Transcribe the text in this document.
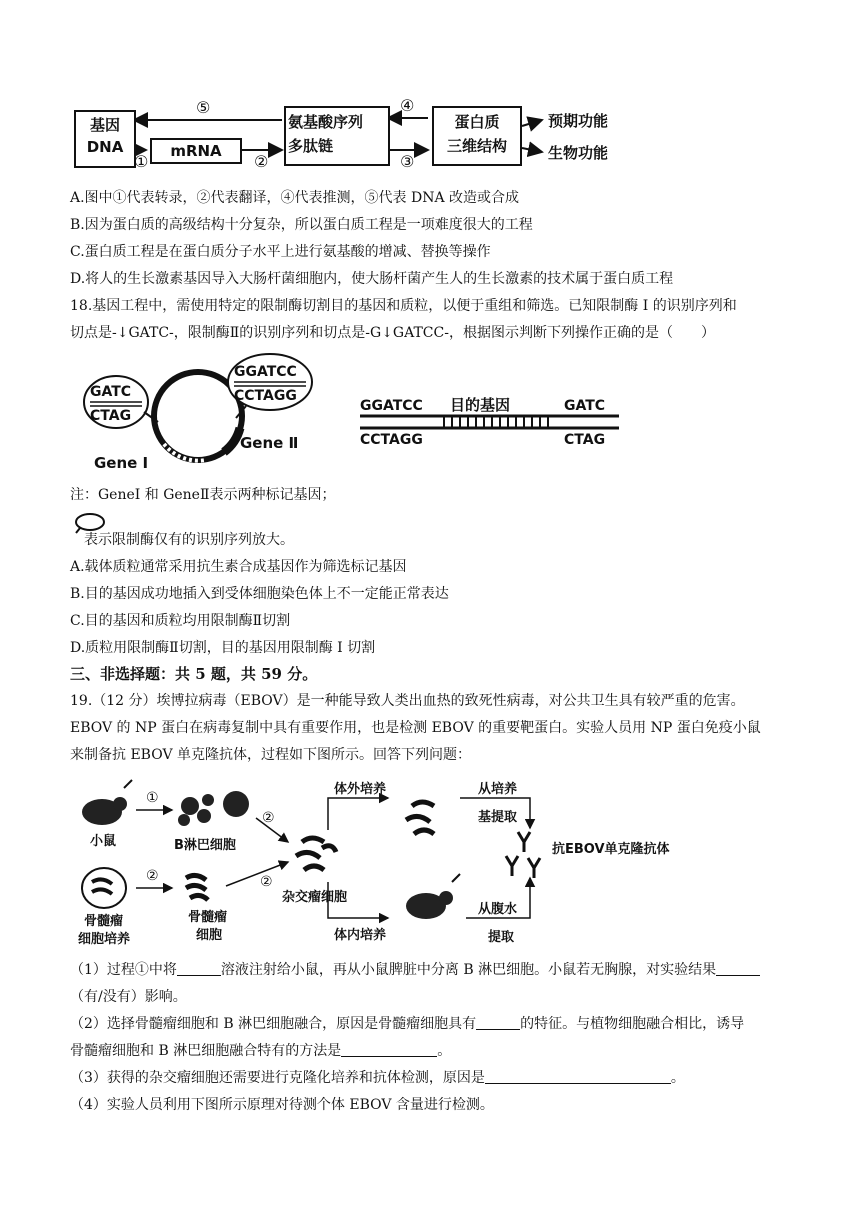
基因
DNA	mRNA
氨基酸序列
多肽链
蛋白质
三维结构
⑤
①	②
④
③
预期功能
生物功能
A.图中①代表转录，②代表翻译，④代表推测，⑤代表 DNA 改造或合成
B.因为蛋白质的高级结构十分复杂，所以蛋白质工程是一项难度很大的工程
C.蛋白质工程是在蛋白质分子水平上进行氨基酸的增减、替换等操作
D.将人的生长激素基因导入大肠杆菌细胞内，使大肠杆菌产生人的生长激素的技术属于蛋白质工程
18.基因工程中，需使用特定的限制酶切割目的基因和质粒，以便于重组和筛选。已知限制酶 I 的识别序列和
切点是-↓GATC-，限制酶Ⅱ的识别序列和切点是-G↓GATCC-，根据图示判断下列操作正确的是（　　）
GATC
CTAG
GGATCC
CCTAGG
Gene I
Gene Ⅱ
GGATCC
CCTAGG
目的基因	GATC
CTAG
注：GeneI 和 GeneⅡ表示两种标记基因；
表示限制酶仅有的识别序列放大。
A.载体质粒通常采用抗生素合成基因作为筛选标记基因
B.目的基因成功地插入到受体细胞染色体上不一定能正常表达
C.目的基因和质粒均用限制酶Ⅱ切割
D.质粒用限制酶Ⅱ切割，目的基因用限制酶 I 切割
三、非选择题：共 5 题，共 59 分。
19.（12 分）埃博拉病毒（EBOV）是一种能导致人类出血热的致死性病毒，对公共卫生具有较严重的危害。
EBOV 的 NP 蛋白在病毒复制中具有重要作用，也是检测 EBOV 的重要靶蛋白。实验人员用 NP 蛋白免疫小鼠
来制备抗 EBOV 单克隆抗体，过程如下图所示。回答下列问题：
①
②
②	②
小鼠	B淋巴细胞
骨髓瘤
细胞培养
骨髓瘤
细胞
杂交瘤细胞
体外培养
体内培养
从培养
基提取
从腹水
提取
抗EBOV单克隆抗体
（1）过程①中将	溶液注射给小鼠，再从小鼠脾脏中分离 B 淋巴细胞。小鼠若无胸腺，对实验结果
（有/没有）影响。
（2）选择骨髓瘤细胞和 B 淋巴细胞融合，原因是骨髓瘤细胞具有	的特征。与植物细胞融合相比，诱导
骨髓瘤细胞和 B 淋巴细胞融合特有的方法是	。
（3）获得的杂交瘤细胞还需要进行克隆化培养和抗体检测，原因是	。
（4）实验人员利用下图所示原理对待测个体 EBOV 含量进行检测。
